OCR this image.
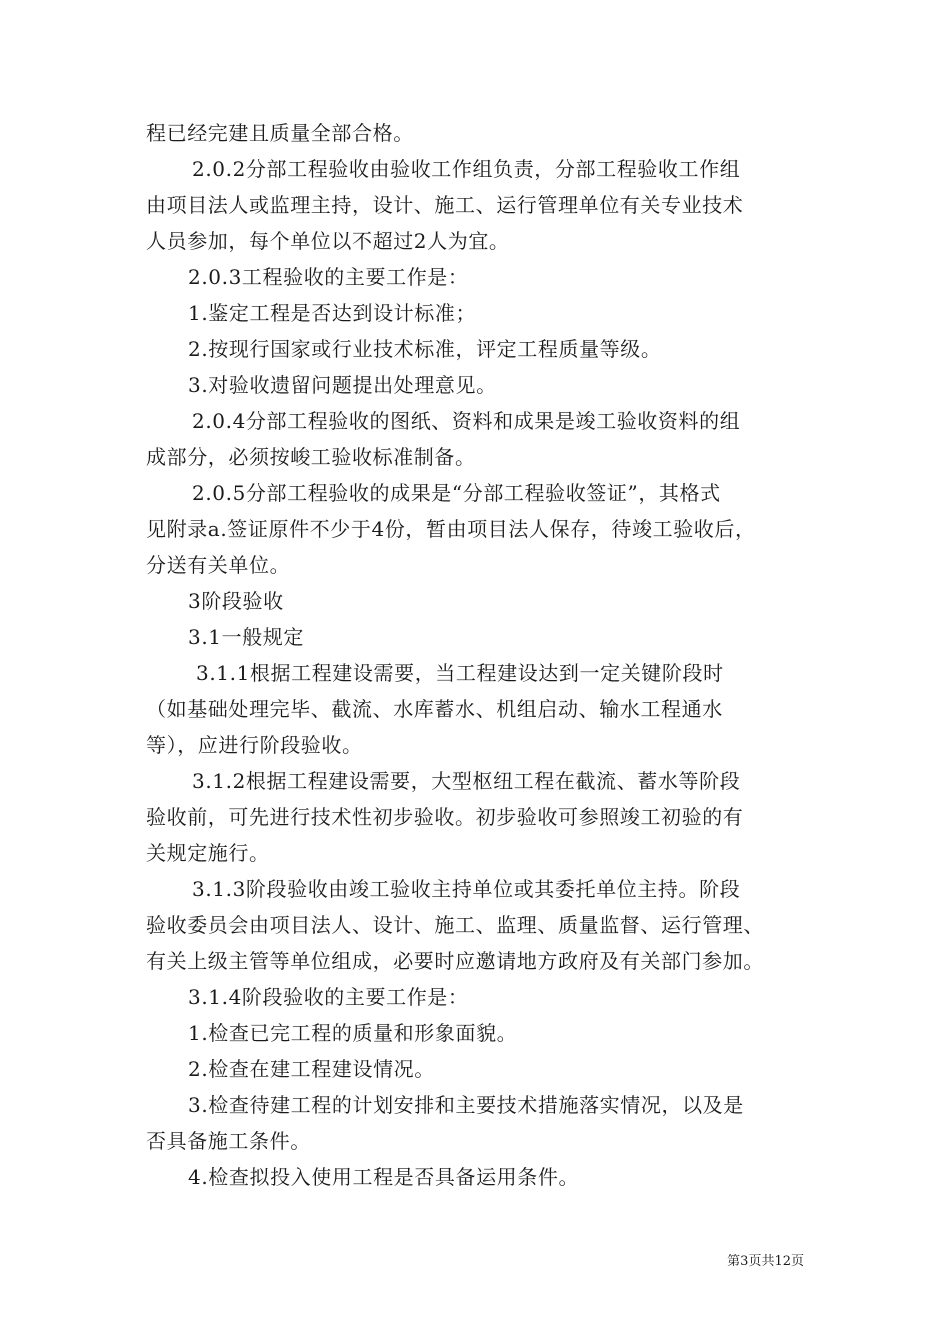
程已经完建且质量全部合格。
2.0.2分部工程验收由验收工作组负责，分部工程验收工作组
由项目法人或监理主持，设计、施工、运行管理单位有关专业技术
人员参加，每个单位以不超过2人为宜。
2.0.3工程验收的主要工作是：
1.鉴定工程是否达到设计标准；
2.按现行国家或行业技术标准，评定工程质量等级。
3.对验收遗留问题提出处理意见。
2.0.4分部工程验收的图纸、资料和成果是竣工验收资料的组
成部分，必须按峻工验收标准制备。
2.0.5分部工程验收的成果是“分部工程验收签证”，其格式
见附录a.签证原件不少于4份，暂由项目法人保存，待竣工验收后，
分送有关单位。
3阶段验收
3.1一般规定
3.1.1根据工程建设需要，当工程建设达到一定关键阶段时
（如基础处理完毕、截流、水库蓄水、机组启动、输水工程通水
等），应进行阶段验收。
3.1.2根据工程建设需要，大型枢纽工程在截流、蓄水等阶段
验收前，可先进行技术性初步验收。初步验收可参照竣工初验的有
关规定施行。
3.1.3阶段验收由竣工验收主持单位或其委托单位主持。阶段
验收委员会由项目法人、设计、施工、监理、质量监督、运行管理、
有关上级主管等单位组成，必要时应邀请地方政府及有关部门参加。
3.1.4阶段验收的主要工作是：
1.检查已完工程的质量和形象面貌。
2.检查在建工程建设情况。
3.检查待建工程的计划安排和主要技术措施落实情况，以及是
否具备施工条件。
4.检查拟投入使用工程是否具备运用条件。
第3页共12页
